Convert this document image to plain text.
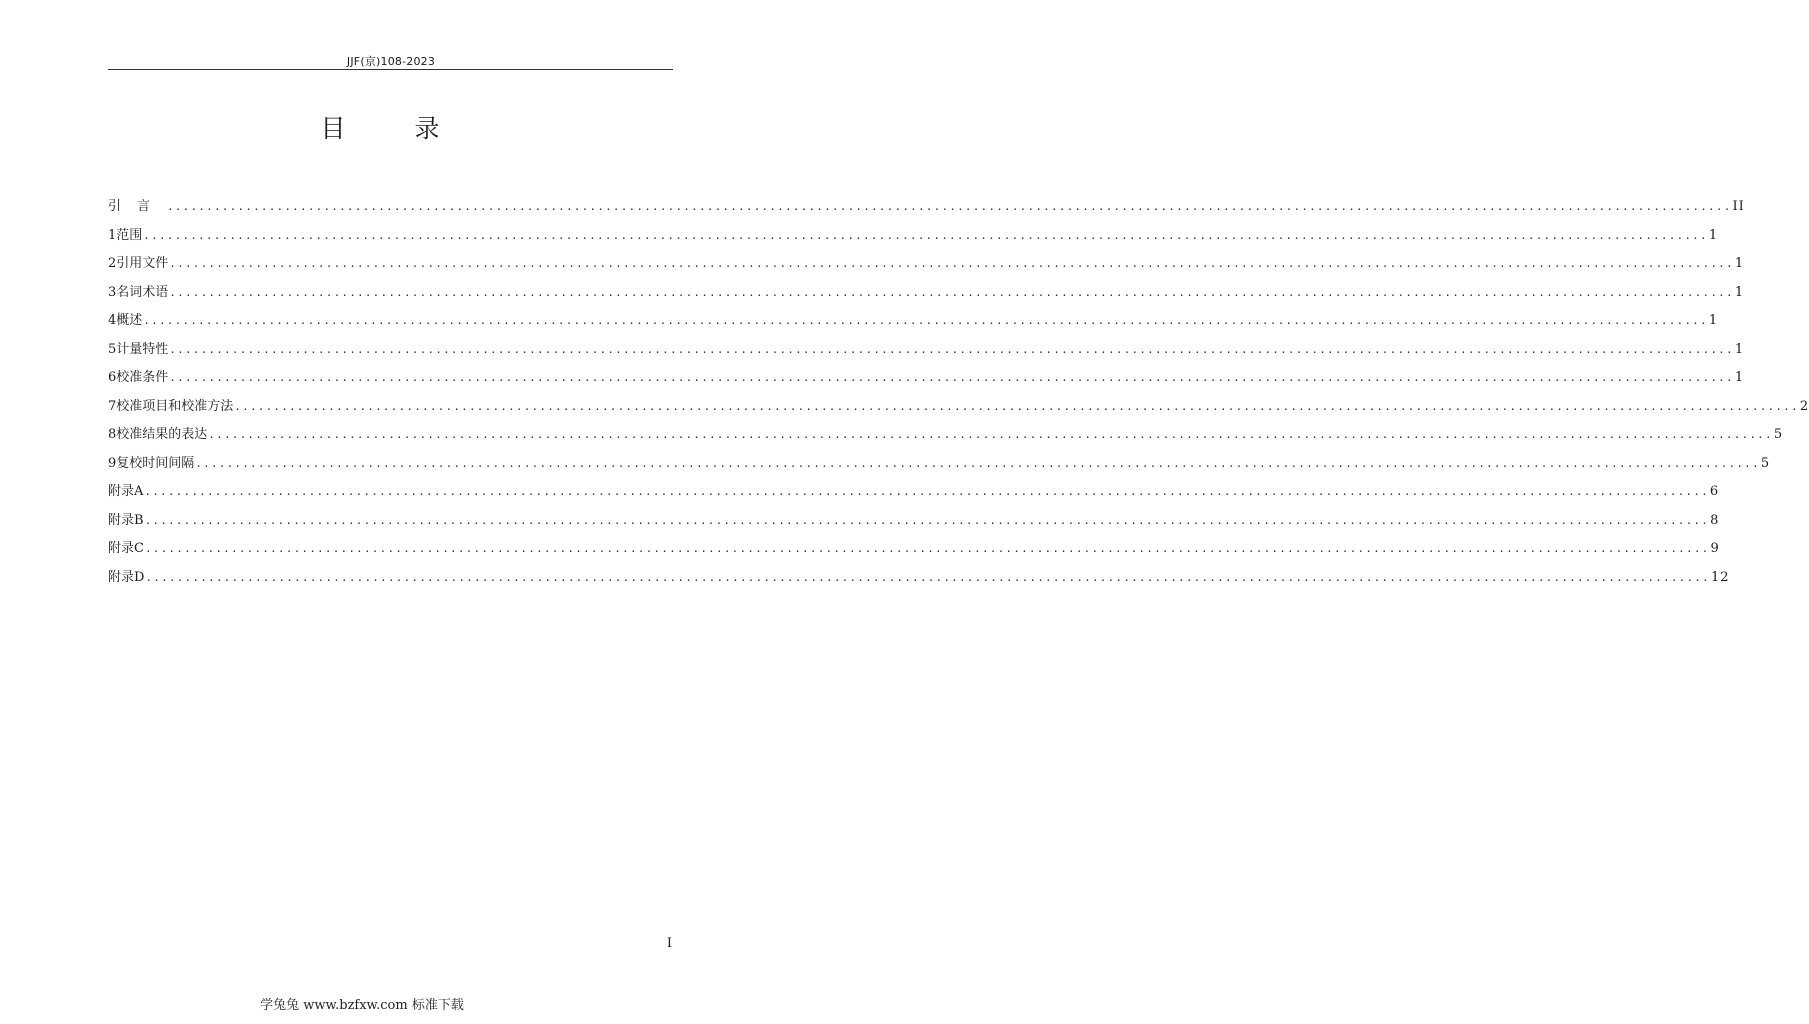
JJF(京)108-2023
目　录
引言 ........................................................................................................................................................................................................ II
1 范围 ........................................................................................................................................................................................................ 1
2 引用文件 ........................................................................................................................................................................................................ 1
3 名词术语 ........................................................................................................................................................................................................ 1
4 概述 ........................................................................................................................................................................................................ 1
5 计量特性 ........................................................................................................................................................................................................ 1
6 校准条件 ........................................................................................................................................................................................................ 1
7 校准项目和校准方法 ........................................................................................................................................................................................................ 2
8 校准结果的表达 ........................................................................................................................................................................................................ 5
9 复校时间间隔 ........................................................................................................................................................................................................ 5
附录A ........................................................................................................................................................................................................ 6
附录B ........................................................................................................................................................................................................ 8
附录C ........................................................................................................................................................................................................ 9
附录D ........................................................................................................................................................................................................ 12
I
学兔兔 www.bzfxw.com 标准下载
